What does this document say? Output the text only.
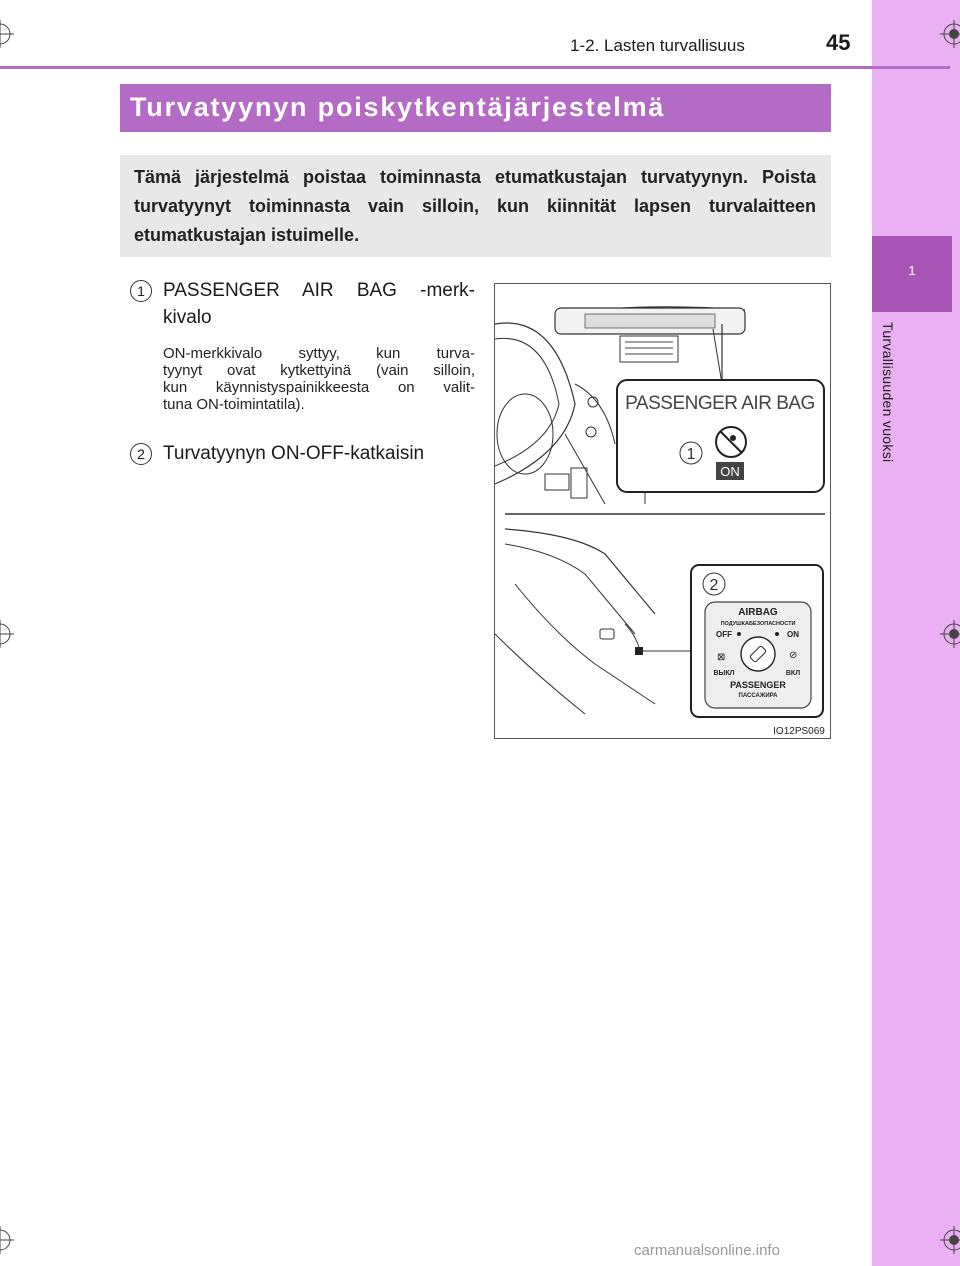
1
Turvallisuuden vuoksi
1-2. Lasten turvallisuus	45
Turvatyynyn poiskytkentäjärjestelmä
Tämä järjestelmä poistaa toiminnasta etumatkustajan turvatyynyn. Poista turvatyynyt toiminnasta vain silloin, kun kiinnität lapsen turvalaitteen etumatkustajan istuimelle.
1 PASSENGER AIR BAG -merk-
kivalo
ON-merkkivalo syttyy, kun turva-
tyynyt ovat kytkettyinä (vain silloin,
kun käynnistyspainikkeesta on valit-
tuna ON-toimintatila).
2 Turvatyynyn ON-OFF-katkaisin
PASSENGER AIR BAG
1
ON
2
AIRBAG
ПОДУШКАБЕЗОПАСНОСТИ
OFF	ON
⊠	⊘
ВЫКЛ	ВКЛ
PASSENGER
ПАССАЖИРА
IO12PS069
carmanualsonline.info
